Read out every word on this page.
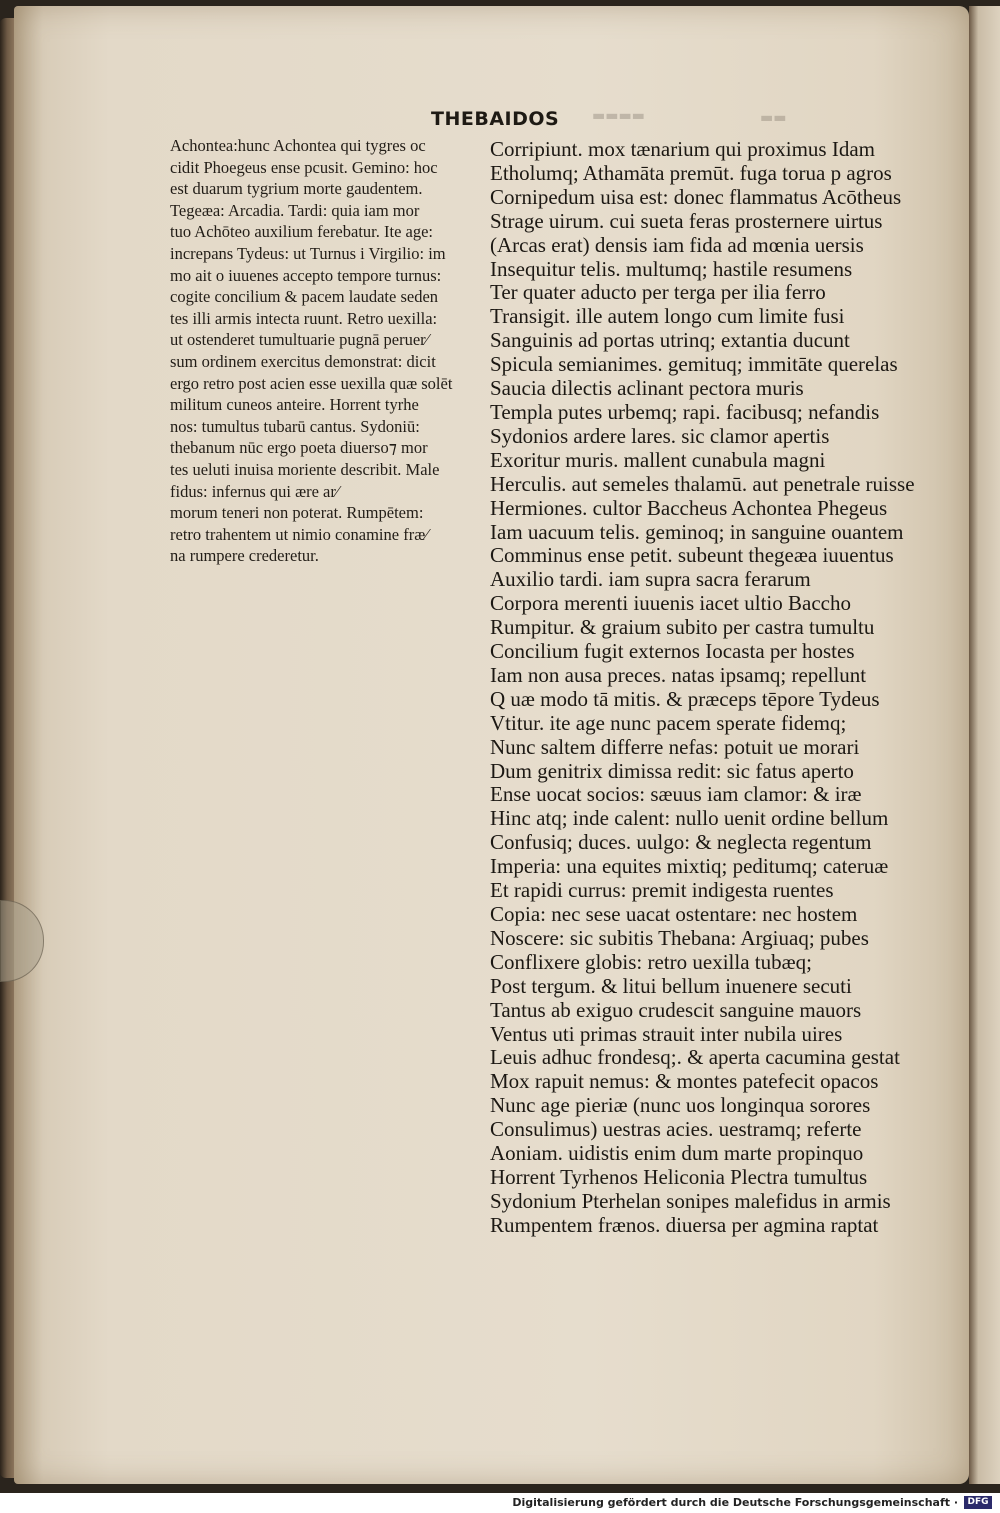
▬▬▬▬	▬▬
THEBAIDOS
Achontea:hunc Achontea qui tygres oc
cidit Phoegeus ense pcusit. Gemino: hoc
est duarum tygrium morte gaudentem.
Tegeæa: Arcadia. Tardi: quia iam mor
tuo Achōteo auxilium ferebatur. Ite age:
increpans Tydeus: ut Turnus i Virgilio: im
mo ait o iuuenes accepto tempore turnus:
cogite concilium & pacem laudate seden
tes illi armis intecta ruunt. Retro uexilla:
ut ostenderet tumultuarie pugnā peruer⁄
sum ordinem exercitus demonstrat: dicit
ergo retro post acien esse uexilla quæ solēt
militum cuneos anteire. Horrent tyrhe
nos: tumultus tubarū cantus. Sydoniū:
thebanum nūc ergo poeta diuerso⁊ mor
tes ueluti inuisa moriente describit. Male
fidus: infernus qui ære ar⁄
morum teneri non poterat. Rumpētem:
retro trahentem ut nimio conamine fræ⁄
na rumpere crederetur.
Corripiunt. mox tænarium qui proximus Idam
Etholumq; Athamāta premūt. fuga torua p agros
Cornipedum uisa est: donec flammatus Acōtheus
Strage uirum. cui sueta feras prosternere uirtus
(Arcas erat) densis iam fida ad mœnia uersis
Insequitur telis. multumq; hastile resumens
Ter quater aducto per terga per ilia ferro
Transigit. ille autem longo cum limite fusi
Sanguinis ad portas utrinq; extantia ducunt
Spicula semianimes. gemituq; immitāte querelas
Saucia dilectis aclinant pectora muris
Templa putes urbemq; rapi. facibusq; nefandis
Sydonios ardere lares. sic clamor apertis
Exoritur muris. mallent cunabula magni
Herculis. aut semeles thalamū. aut penetrale ruisse
Hermiones. cultor Baccheus Achontea Phegeus
Iam uacuum telis. geminoq; in sanguine ouantem
Comminus ense petit. subeunt thegeæa iuuentus
Auxilio tardi. iam supra sacra ferarum
Corpora merenti iuuenis iacet ultio Baccho
Rumpitur. & graium subito per castra tumultu
Concilium fugit externos Iocasta per hostes
Iam non ausa preces. natas ipsamq; repellunt
Q uæ modo tā mitis. & præceps tēpore Tydeus
Vtitur. ite age nunc pacem sperate fidemq;
Nunc saltem differre nefas: potuit ue morari
Dum genitrix dimissa redit: sic fatus aperto
Ense uocat socios: sæuus iam clamor: & iræ
Hinc atq; inde calent: nullo uenit ordine bellum
Confusiq; duces. uulgo: & neglecta regentum
Imperia: una equites mixtiq; peditumq; cateruæ
Et rapidi currus: premit indigesta ruentes
Copia: nec sese uacat ostentare: nec hostem
Noscere: sic subitis Thebana: Argiuaq; pubes
Conflixere globis: retro uexilla tubæq;
Post tergum. & litui bellum inuenere secuti
Tantus ab exiguo crudescit sanguine mauors
Ventus uti primas strauit inter nubila uires
Leuis adhuc frondesq;. & aperta cacumina gestat
Mox rapuit nemus: & montes patefecit opacos
Nunc age pieriæ (nunc uos longinqua sorores
Consulimus) uestras acies. uestramq; referte
Aoniam. uidistis enim dum marte propinquo
Horrent Tyrhenos Heliconia Plectra tumultus
Sydonium Pterhelan sonipes malefidus in armis
Rumpentem frænos. diuersa per agmina raptat
Digitalisierung gefördert durch die Deutsche Forschungsgemeinschaft ·	DFG
